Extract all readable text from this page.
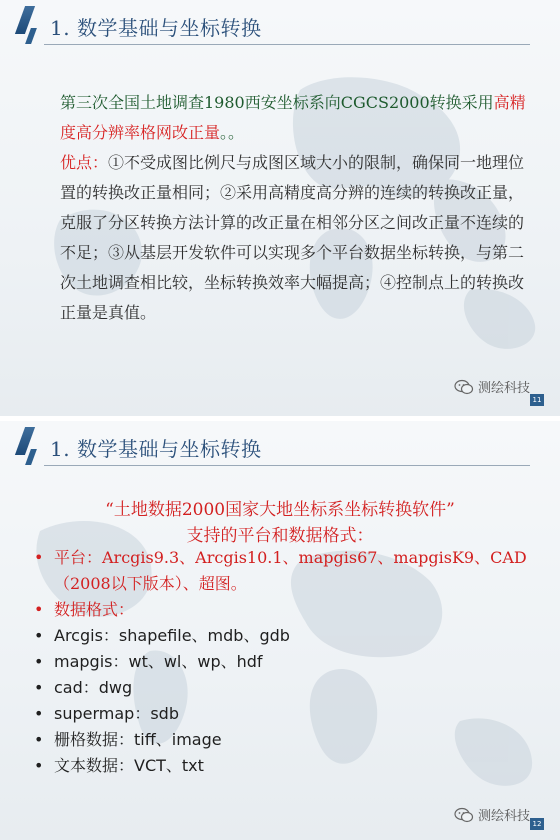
1. 数学基础与坐标转换
第三次全国土地调查1980西安坐标系向CGCS2000转换采用高精度高分辨率格网改正量。。
优点：①不受成图比例尺与成图区域大小的限制，确保同一地理位置的转换改正量相同；②采用高精度高分辨的连续的转换改正量，克服了分区转换方法计算的改正量在相邻分区之间改正量不连续的不足；③从基层开发软件可以实现多个平台数据坐标转换，与第二次土地调查相比较，坐标转换效率大幅提高；④控制点上的转换改正量是真值。
测绘科技
11
1. 数学基础与坐标转换
“土地数据2000国家大地坐标系坐标转换软件”
支持的平台和数据格式：
• 平台：Arcgis9.3、Arcgis10.1、mapgis67、mapgisK9、CAD（2008以下版本）、超图。
• 数据格式：
• Arcgis：shapefile、mdb、gdb
• mapgis：wt、wl、wp、hdf
• cad：dwg
• supermap：sdb
• 栅格数据：tiff、image
• 文本数据：VCT、txt
测绘科技 12
